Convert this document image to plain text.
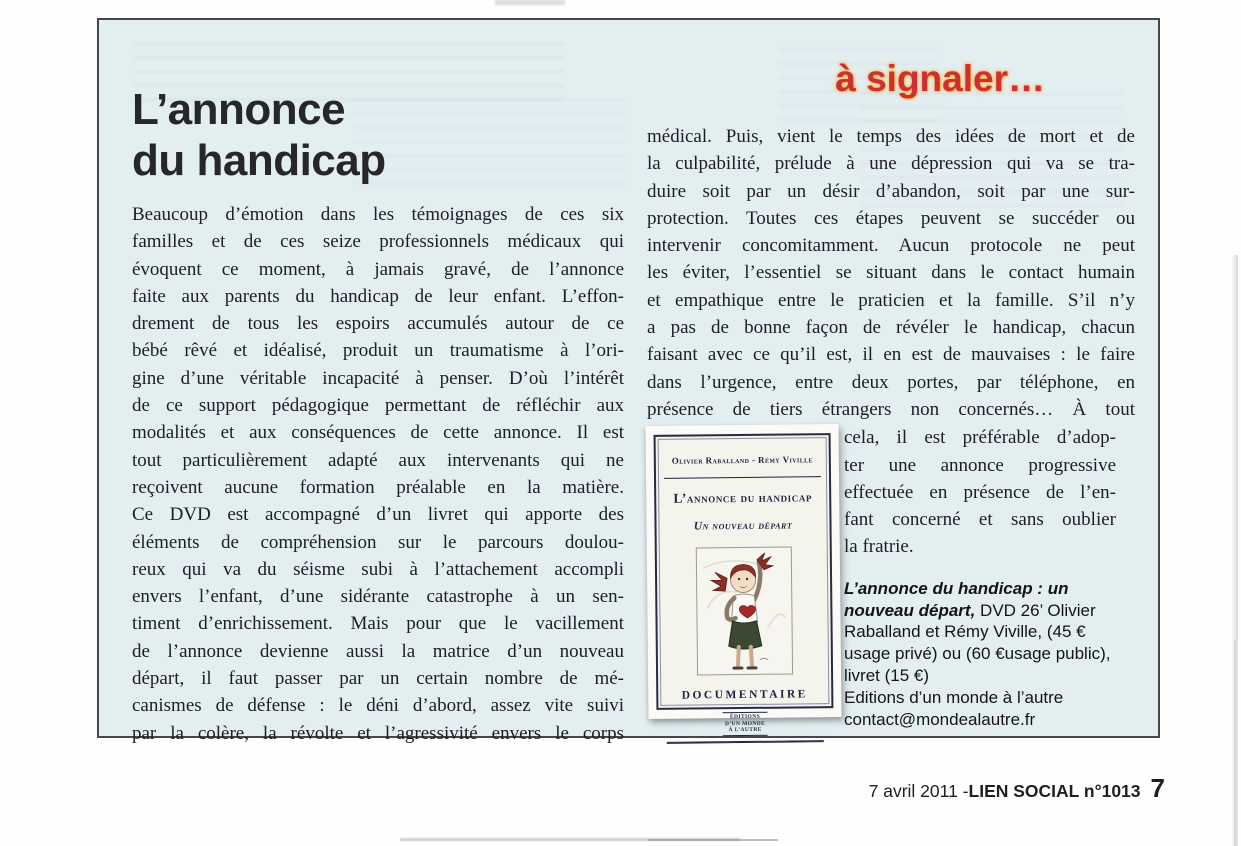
à signaler…
L’annonce
du handicap
Beaucoup d’émotion dans les témoignages de ces six
familles et de ces seize professionnels médicaux qui
évoquent ce moment, à jamais gravé, de l’annonce
faite aux parents du handicap de leur enfant. L’effon-
drement de tous les espoirs accumulés autour de ce
bébé rêvé et idéalisé, produit un traumatisme à l’ori-
gine d’une véritable incapacité à penser. D’où l’intérêt
de ce support pédagogique permettant de réfléchir aux
modalités et aux conséquences de cette annonce. Il est
tout particulièrement adapté aux intervenants qui ne
reçoivent aucune formation préalable en la matière.
Ce DVD est accompagné d’un livret qui apporte des
éléments de compréhension sur le parcours doulou-
reux qui va du séisme subi à l’attachement accompli
envers l’enfant, d’une sidérante catastrophe à un sen-
timent d’enrichissement. Mais pour que le vacillement
de l’annonce devienne aussi la matrice d’un nouveau
départ, il faut passer par un certain nombre de mé-
canismes de défense : le déni d’abord, assez vite suivi
par la colère, la révolte et l’agressivité envers le corps
médical. Puis, vient le temps des idées de mort et de
la culpabilité, prélude à une dépression qui va se tra-
duire soit par un désir d’abandon, soit par une sur-
protection. Toutes ces étapes peuvent se succéder ou
intervenir concomitamment. Aucun protocole ne peut
les éviter, l’essentiel se situant dans le contact humain
et empathique entre le praticien et la famille. S’il n’y
a pas de bonne façon de révéler le handicap, chacun
faisant avec ce qu’il est, il en est de mauvaises : le faire
dans l’urgence, entre deux portes, par téléphone, en
présence de tiers étrangers non concernés… À tout
Olivier Raballand - Rémy Viville
L’annonce du handicap
Un nouveau départ
DOCUMENTAIRE
ÉDITIONS
D’UN MONDE
À L’AUTRE
cela, il est préférable d’adop-
ter une annonce progressive
effectuée en présence de l’en-
fant concerné et sans oublier
la fratrie.
L’annonce du handicap : un nouveau départ, DVD 26’ Olivier Raballand et Rémy Viville, (45 € usage privé) ou (60 €usage public), livret (15 €)
Editions d’un monde à l’autre
contact@mondealautre.fr
7 avril 2011 - LIEN SOCIAL n°1013 7
